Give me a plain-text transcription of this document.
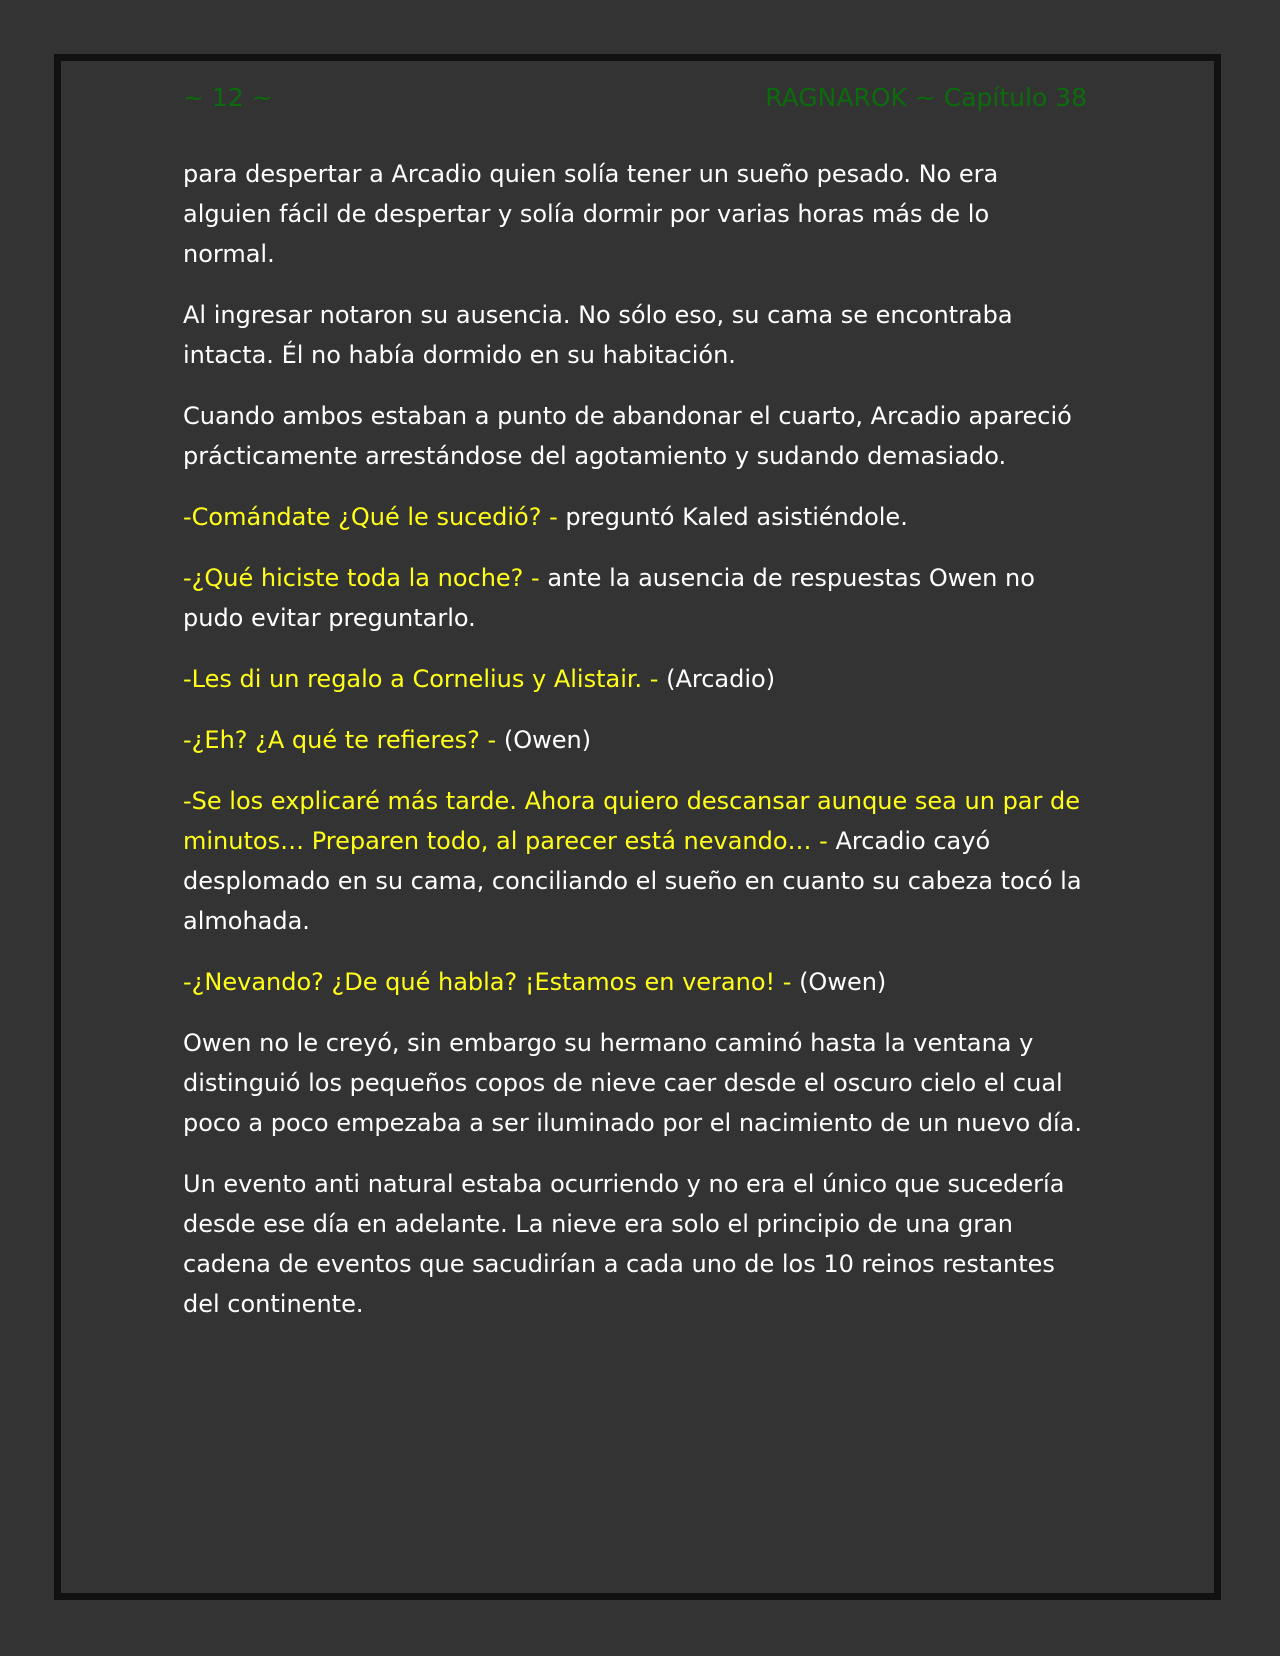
~ 12 ~	RAGNAROK ~ Capítulo 38

para despertar a Arcadio quien solía tener un sueño pesado. No era alguien fácil de despertar y solía dormir por varias horas más de lo normal.

Al ingresar notaron su ausencia. No sólo eso, su cama se encontraba intacta. Él no había dormido en su habitación.

Cuando ambos estaban a punto de abandonar el cuarto, Arcadio apareció prácticamente arrestándose del agotamiento y sudando demasiado.

-Comándate ¿Qué le sucedió? - preguntó Kaled asistiéndole.

-¿Qué hiciste toda la noche? - ante la ausencia de respuestas Owen no pudo evitar preguntarlo.

-Les di un regalo a Cornelius y Alistair. - (Arcadio)

-¿Eh? ¿A qué te refieres? - (Owen)

-Se los explicaré más tarde. Ahora quiero descansar aunque sea un par de minutos… Preparen todo, al parecer está nevando… - Arcadio cayó desplomado en su cama, conciliando el sueño en cuanto su cabeza tocó la almohada.

-¿Nevando? ¿De qué habla? ¡Estamos en verano! - (Owen)

Owen no le creyó, sin embargo su hermano caminó hasta la ventana y distinguió los pequeños copos de nieve caer desde el oscuro cielo el cual poco a poco empezaba a ser iluminado por el nacimiento de un nuevo día.

Un evento anti natural estaba ocurriendo y no era el único que sucedería desde ese día en adelante. La nieve era solo el principio de una gran cadena de eventos que sacudirían a cada uno de los 10 reinos restantes del continente.
